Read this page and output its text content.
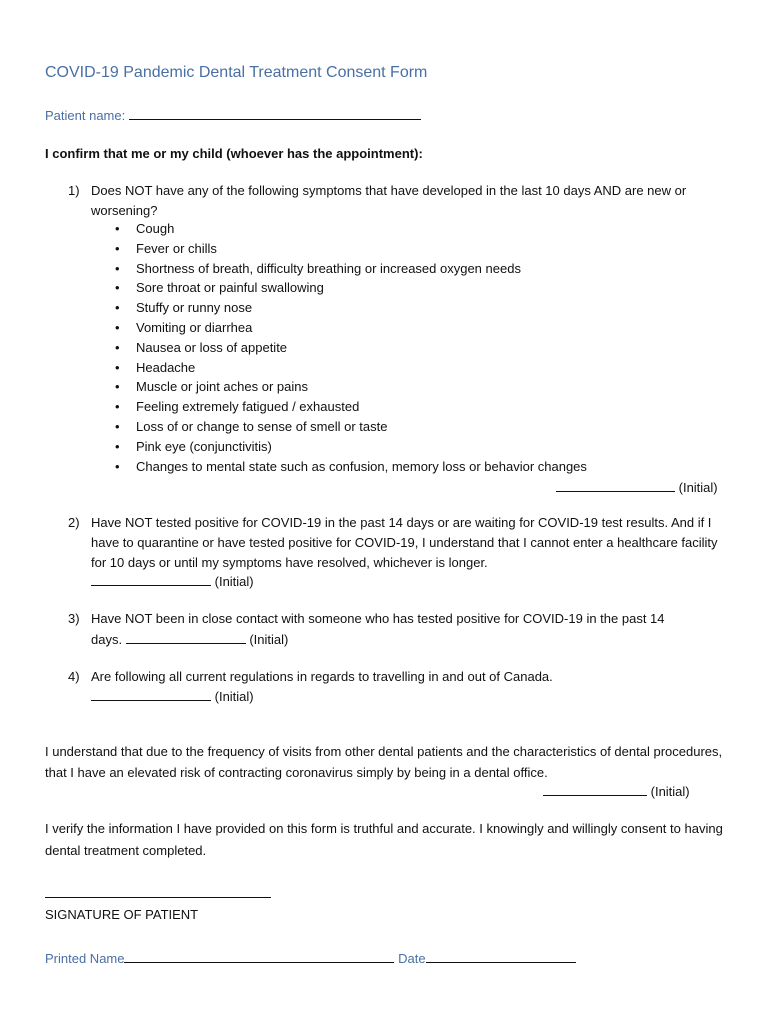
COVID-19 Pandemic Dental Treatment Consent Form
Patient name:
I confirm that me or my child (whoever has the appointment):
1) Does NOT have any of the following symptoms that have developed in the last 10 days AND are new or worsening?
• Cough
• Fever or chills
• Shortness of breath, difficulty breathing or increased oxygen needs
• Sore throat or painful swallowing
• Stuffy or runny nose
• Vomiting or diarrhea
• Nausea or loss of appetite
• Headache
• Muscle or joint aches or pains
• Feeling extremely fatigued / exhausted
• Loss of or change to sense of smell or taste
• Pink eye (conjunctivitis)
• Changes to mental state such as confusion, memory loss or behavior changes
(Initial)
2) Have NOT tested positive for COVID-19 in the past 14 days or are waiting for COVID-19 test results. And if I have to quarantine or have tested positive for COVID-19, I understand that I cannot enter a healthcare facility for 10 days or until my symptoms have resolved, whichever is longer.
(Initial)
3) Have NOT been in close contact with someone who has tested positive for COVID-19 in the past 14
days.	(Initial)
4) Are following all current regulations in regards to travelling in and out of Canada.
(Initial)
I understand that due to the frequency of visits from other dental patients and the characteristics of dental procedures, that I have an elevated risk of contracting coronavirus simply by being in a dental office.
(Initial)
I verify the information I have provided on this form is truthful and accurate. I knowingly and willingly consent to having dental treatment completed.
SIGNATURE OF PATIENT
Printed Name	Date
